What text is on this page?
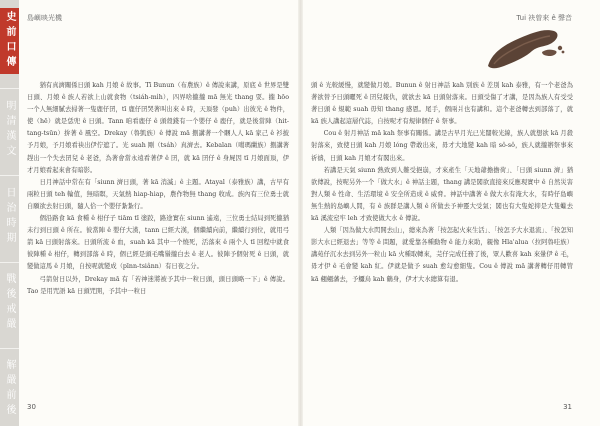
史前口傳
明清漢文
日治時期
戰後戒嚴
解嚴前後
島嶼映光機

猶有真濟關係日頭 kah 月娘 ê 故事。Tī Bunun（布農族）ê 傳說來講，原底 ê 世界是雙日頭、月娘 ê 族人若欲上山就食物（tsiáh-mi̍h），四界啥攏攏 mā 無光 thang 耍。攏 hōo 一个人無細膩去掃著一隻鹿仔囝，tī 鹿仔囝哭著叫出來 ê 時，天頂發（puh）出彼光 ê 物件，使（hē）就是恁兜 ê 日頭。Tann 咱看鹿仔 ê 頭殼錢有一个嬰仔 ê 鹿仔，就是後當陣（hit-tang-tsūn）拚著 ê 風空。Drekay（魯凱族）ê 傳說 mā 捌講著一个睏人人 kā 家己 ê 衫披予月娘，予月娘看袂出伊佇遮了。光 suah 剛（tsáh）真濟去。Kebalan（噶瑪蘭族）捌講著趕出一个失去囝兒 ê 老爸，為著會當永遠看著伊 ê 囝，就 kā 囝仔 ê 身屍因 tī 月娘面頂，伊才月娘看起來會有暗影。

日月神話中常在有「siunn 濟日頭，著 kā 消滅」ê 主題。Atayal（泰雅族）講，古早有兩粒日頭 teh 輪值，無暗瞑，天氣熱 hiap-hiap，農作物無 thang 收成。族內有三位勇士就自願欲去射日頭，隨人佮一个嬰仔紮紮行。

個沿路食 kā 食種 ê 柑仔子 tiām tī 塗跤，路途實在 siunn 遙遠，三位勇士結局到死攏猶未行到日頭 ê 所在。彼當陣 ê 嬰仔大漢，tann 已經大漢，個繼續向前，繼續行到位，就用弓箭 kā 日頭射落來。日頭所流 ê 血，suah kā 其中一个燒死，活落來 ê 兩个人 tī 回程中就食彼陣種 ê 柑仔，轉到部落 ê 時，個已經是頭毛嘴鬚攏白去 ê 老人。彼陣予個射死 ê 日頭，就變做這馬 ê 月娘，自按呢就變成（pīnn-tsiânn）有日夜之分。

弓箭射日以外，Drekay mā 有「若神迷將被予其中一粒日頭，頭日頭略一下」ê 傳說。Tao 是用咒語 kā 日頭咒開，予其中一粒日

30
Tui 袂曾來 ê 聲音

頭 ê 光較緩慢，就變做月娘。Bunun ê 射日神話 kah 別族 ê 差別 kah 泰雅，有一个老爸為著欲替予日頭曬死 ê 囝兒報仇，就欲去 kā 日頭射落來。日頭受傷了才講，是因為族人有受受著日頭 ê 規範 suah 毋知 thang 感恩。尾手，個兩爿也有講和。這个老爸轉去到部落了，就 kā 族人講起這層代誌，自按呢才有規律個仔 ê 祭事。

Cou ê 射月神話 mā kah 祭事有關係。講是古早月光已光闊較光線，族人就想欲 kā 月殺射落來，致使日頭 kah 月娘 lóng 帶敢出來，毋才大地變 kah 暗 sô-sô，族人就攏辦祭事來祈禱，日頭 kah 月娘才有閣出來。

若講是天氣 siunn 熱致到人難受挹崩，才來產生「天地爺擔擔荷」、「日頭 siunn 濟」猶欲傳說，按呢另外一个「做大水」ê 神話主題，thang 講是閣欲直接來反應現實中 ê 自然災害對人類 ê 性命、生活環境 ê 安全所造成 ê 威脅。神話中講著 ê 做大水有淹大水，有時仔島嶼無生熱的島嶼人間，有 ê 族群是講人類 ê 所做去予神靈大受氣；閣也有大隻蛇抑是大隻蠍去 kā 溪流窒牢 leh 才致使做大水 ê 傳說。

人類「因為做大水閃開去山」，總來為著「按怎起火來生活」、「按怎予大水退流」、「按怎知影大水已經退去」等等 ê 問題，就愛靠各種動物 ê 能力來助，親像 Hla'alua（拉阿魯哇族）講苑仔沉水去到另外一粒山 kā 火種取轉來，芫仔完成任務了後，眾人歡喜 kah 來暈伊 ê 毛，毋才伊 ê 毛會變 kah 紅。伊就是做予 suah 愈勾愈細隻。Cou ê 傳說 mā 講著轉仔用轉管 kā 翹翹藩去，予鱷烏 kah 鶴身，伊才大水總算有退。

31
